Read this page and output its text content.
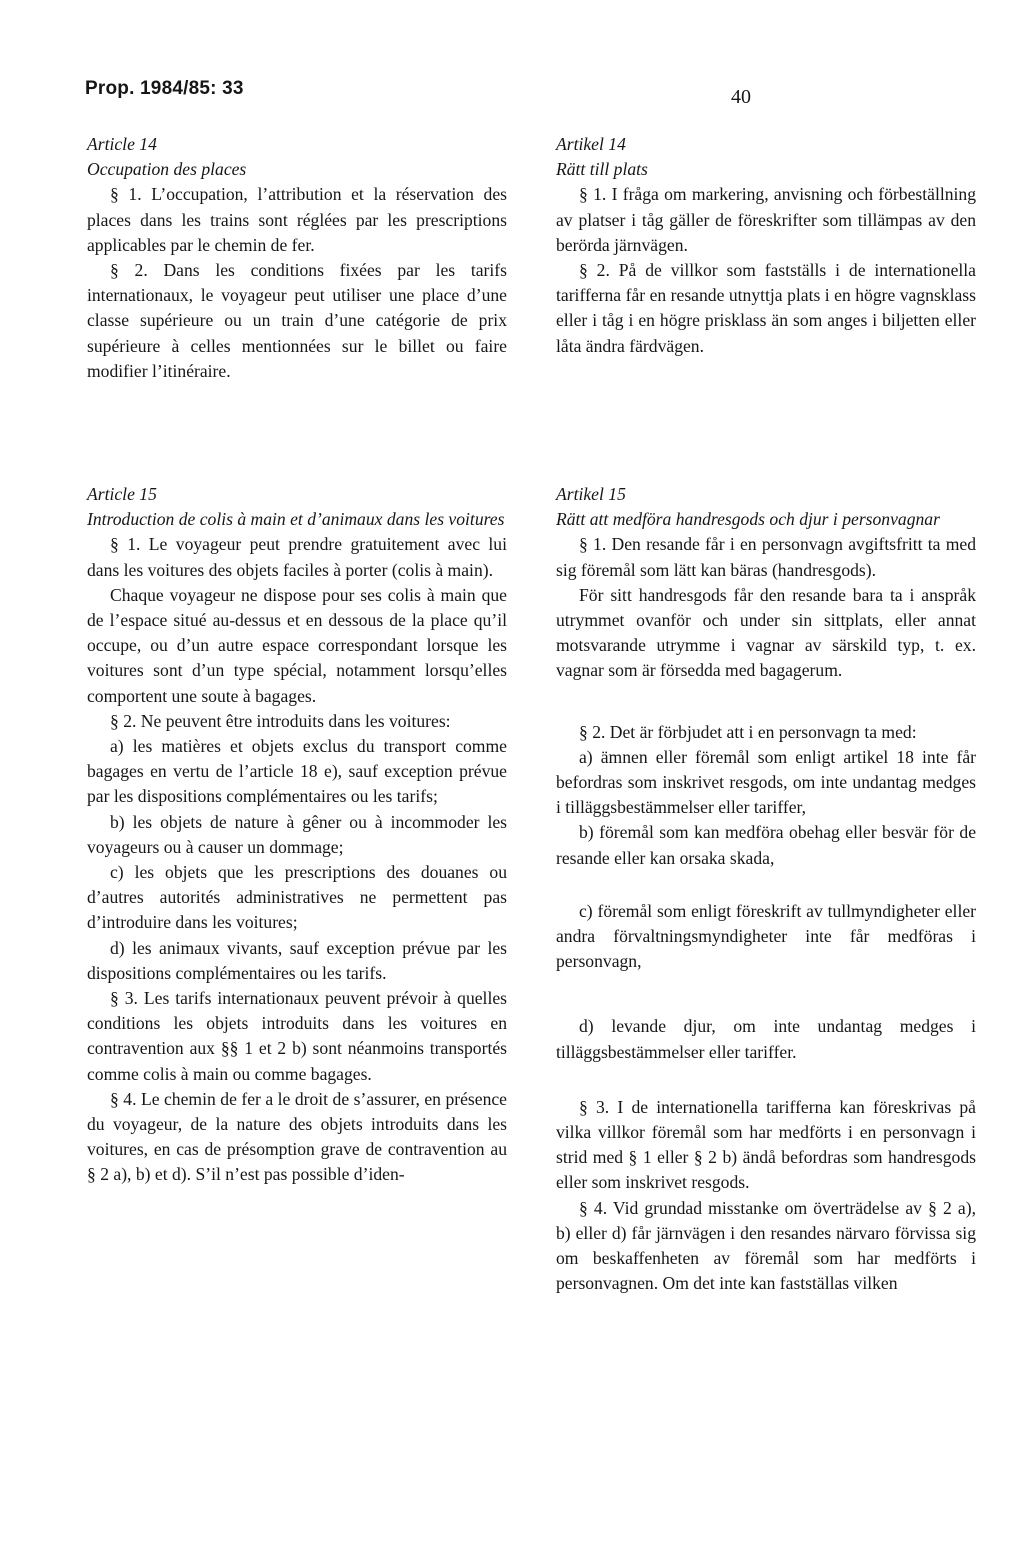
Prop. 1984/85: 33	40

Article 14

Occupation des places

§ 1. L’occupation, l’attribution et la réservation des places dans les trains sont réglées par les prescriptions applicables par le chemin de fer.

§ 2. Dans les conditions fixées par les tarifs internationaux, le voyageur peut utiliser une place d’une classe supérieure ou un train d’une catégorie de prix supérieure à celles mentionnées sur le billet ou faire modifier l’itinéraire.

Article 15

Introduction de colis à main et d’animaux dans les voitures

§ 1. Le voyageur peut prendre gratuitement avec lui dans les voitures des objets faciles à porter (colis à main).

Chaque voyageur ne dispose pour ses colis à main que de l’espace situé au-dessus et en dessous de la place qu’il occupe, ou d’un autre espace correspondant lorsque les voitures sont d’un type spécial, notamment lorsqu’elles comportent une soute à bagages.

§ 2. Ne peuvent être introduits dans les voitures:

a) les matières et objets exclus du transport comme bagages en vertu de l’article 18 e), sauf exception prévue par les dispositions complémentaires ou les tarifs;

b) les objets de nature à gêner ou à incommoder les voyageurs ou à causer un dommage;

c) les objets que les prescriptions des douanes ou d’autres autorités administratives ne permettent pas d’introduire dans les voitures;

d) les animaux vivants, sauf exception prévue par les dispositions complémentaires ou les tarifs.

§ 3. Les tarifs internationaux peuvent prévoir à quelles conditions les objets introduits dans les voitures en contravention aux §§ 1 et 2 b) sont néanmoins transportés comme colis à main ou comme bagages.

§ 4. Le chemin de fer a le droit de s’assurer, en présence du voyageur, de la nature des objets introduits dans les voitures, en cas de présomption grave de contravention au § 2 a), b) et d). S’il n’est pas possible d’iden-

Artikel 14

Rätt till plats

§ 1. I fråga om markering, anvisning och förbeställning av platser i tåg gäller de föreskrifter som tillämpas av den berörda järnvägen.

§ 2. På de villkor som fastställs i de internationella tarifferna får en resande utnyttja plats i en högre vagnsklass eller i tåg i en högre prisklass än som anges i biljetten eller låta ändra färdvägen.

Artikel 15

Rätt att medföra handresgods och djur i personvagnar

§ 1. Den resande får i en personvagn avgiftsfritt ta med sig föremål som lätt kan bäras (handresgods).

För sitt handresgods får den resande bara ta i anspråk utrymmet ovanför och under sin sittplats, eller annat motsvarande utrymme i vagnar av särskild typ, t. ex. vagnar som är försedda med bagagerum.

§ 2. Det är förbjudet att i en personvagn ta med:

a) ämnen eller föremål som enligt artikel 18 inte får befordras som inskrivet resgods, om inte undantag medges i tilläggsbestämmelser eller tariffer,

b) föremål som kan medföra obehag eller besvär för de resande eller kan orsaka skada,

c) föremål som enligt föreskrift av tullmyndigheter eller andra förvaltningsmyndigheter inte får medföras i personvagn,

d) levande djur, om inte undantag medges i tilläggsbestämmelser eller tariffer.

§ 3. I de internationella tarifferna kan föreskrivas på vilka villkor föremål som har medförts i en personvagn i strid med § 1 eller § 2 b) ändå befordras som handresgods eller som inskrivet resgods.

§ 4. Vid grundad misstanke om överträdelse av § 2 a), b) eller d) får järnvägen i den resandes närvaro förvissa sig om beskaffenheten av föremål som har medförts i personvagnen. Om det inte kan fastställas vilken
